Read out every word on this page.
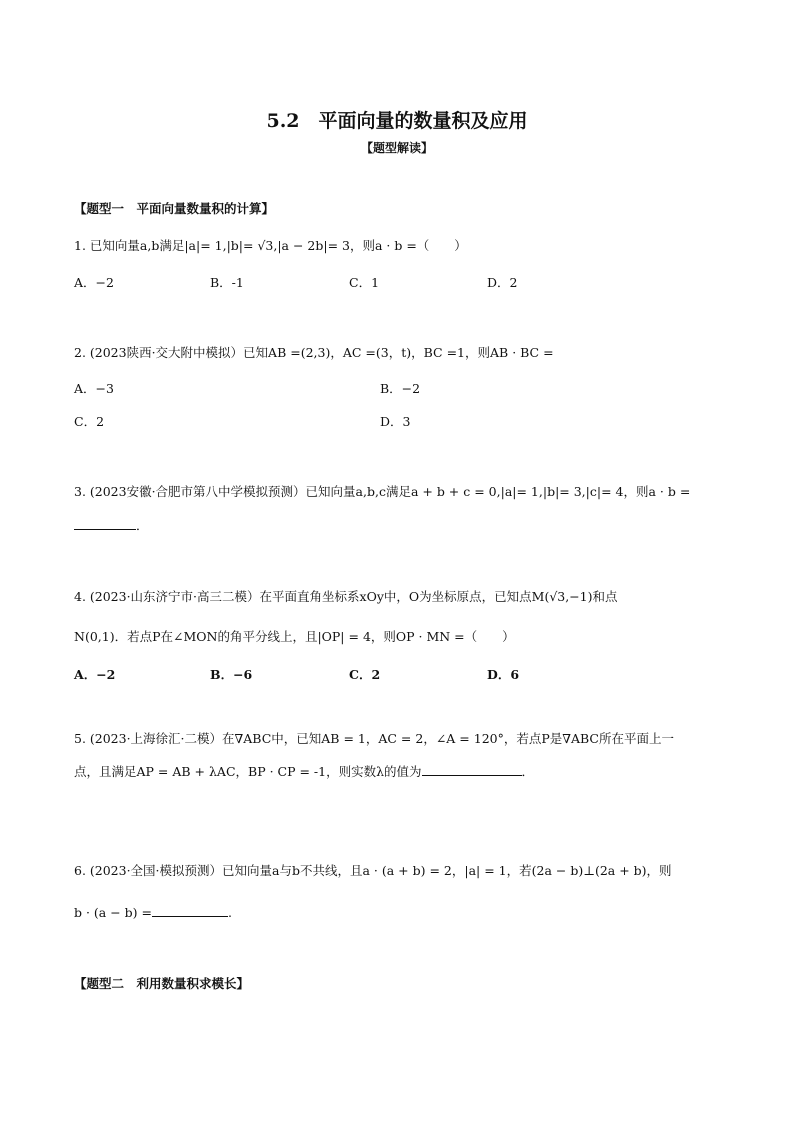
5.2　平面向量的数量积及应用
【题型解读】
【题型一　平面向量数量积的计算】
1. 已知向量a,b满足|a|= 1,|b|= √3,|a − 2b|= 3，则a · b =（　　）
A．−2	B．-1	C．1	D．2
2. (2023陕西·交大附中模拟）已知AB =(2,3)，AC =(3，t)，BC =1，则AB · BC =
A．−3	B．−2
C．2	D．3
3. (2023安徽·合肥市第八中学模拟预测）已知向量a,b,c满足a + b + c = 0,|a|= 1,|b|= 3,|c|= 4，则a · b =
．
4. (2023·山东济宁市·高三二模）在平面直角坐标系xOy中，O为坐标原点，已知点M(√3,−1)和点
N(0,1)．若点P在∠MON的角平分线上，且|OP| = 4，则OP · MN =（　　）
A．−2	B．−6	C．2	D．6
5. (2023·上海徐汇·二模）在∇ABC中，已知AB = 1，AC = 2，∠A = 120°，若点P是∇ABC所在平面上一
点，且满足AP = AB + λAC，BP · CP = -1，则实数λ的值为	．
6. (2023·全国·模拟预测）已知向量a与b不共线，且a · (a + b) = 2，|a| = 1，若(2a − b)⊥(2a + b)，则
b · (a − b) =	.
【题型二　利用数量积求模长】
